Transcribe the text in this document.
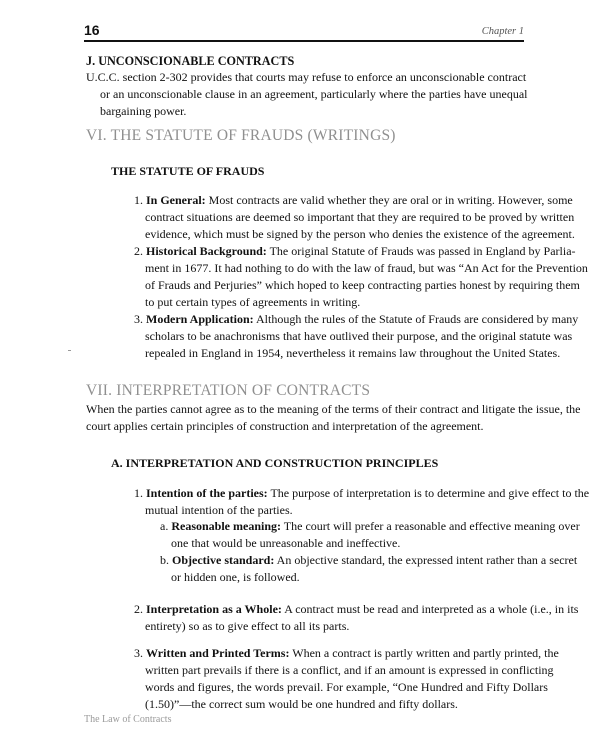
16	Chapter 1
J. UNCONSCIONABLE CONTRACTS
U.C.C. section 2-302 provides that courts may refuse to enforce an unconscionable contract
or an unconscionable clause in an agreement, particularly where the parties have unequal
bargaining power.
VI. THE STATUTE OF FRAUDS (WRITINGS)
THE STATUTE OF FRAUDS
1. In General: Most contracts are valid whether they are oral or in writing. However, some
contract situations are deemed so important that they are required to be proved by written
evidence, which must be signed by the person who denies the existence of the agreement.
2. Historical Background: The original Statute of Frauds was passed in England by Parlia-
ment in 1677. It had nothing to do with the law of fraud, but was “An Act for the Prevention
of Frauds and Perjuries” which hoped to keep contracting parties honest by requiring them
to put certain types of agreements in writing.
3. Modern Application: Although the rules of the Statute of Frauds are considered by many
scholars to be anachronisms that have outlived their purpose, and the original statute was
repealed in England in 1954, nevertheless it remains law throughout the United States.
VII. INTERPRETATION OF CONTRACTS
When the parties cannot agree as to the meaning of the terms of their contract and litigate the issue, the
court applies certain principles of construction and interpretation of the agreement.
A. INTERPRETATION AND CONSTRUCTION PRINCIPLES
1. Intention of the parties: The purpose of interpretation is to determine and give effect to the
mutual intention of the parties.
a. Reasonable meaning: The court will prefer a reasonable and effective meaning over
one that would be unreasonable and ineffective.
b. Objective standard: An objective standard, the expressed intent rather than a secret
or hidden one, is followed.
2. Interpretation as a Whole: A contract must be read and interpreted as a whole (i.e., in its
entirety) so as to give effect to all its parts.
3. Written and Printed Terms: When a contract is partly written and partly printed, the
written part prevails if there is a conflict, and if an amount is expressed in conflicting
words and figures, the words prevail. For example, “One Hundred and Fifty Dollars
(1.50)”—the correct sum would be one hundred and fifty dollars.
The Law of Contracts
